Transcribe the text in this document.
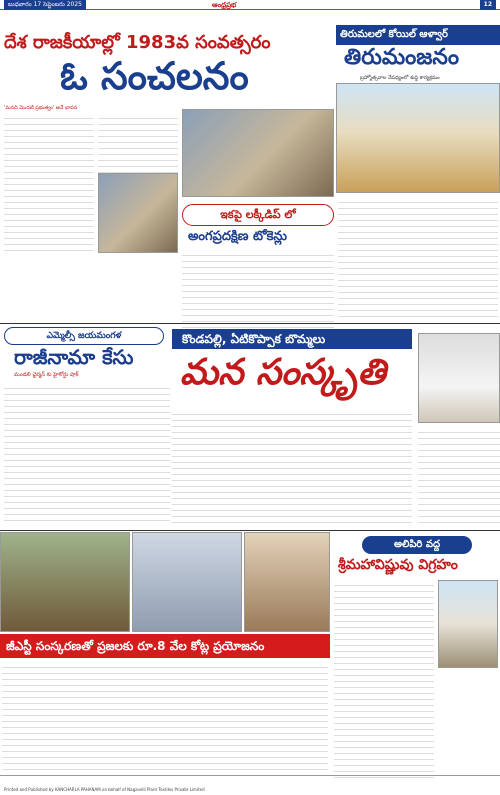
బుధవారం 17 సెప్టెంబరు 2025	ఆంధ్రప్రభ	12
దేశ రాజకీయాల్లో 1983వ సంవత్సరం
ఓ సంచలనం
'మనది మొదటి ప్రభుత్వం' అనే భావన
తిరుమలలో కోయిల్ ఆళ్వార్
తిరుమంజనం
బ్రహ్మోత్సవాల నేపథ్యంలో శుద్ధి కార్యక్రమం
ఇకపై లక్కీడిప్ లో
అంగప్రదక్షిణ టోకెన్లు
ఎమ్మెల్సీ జయమంగళ
రాజీనామా కేసు
మండలి ఛైర్మన్ కు హైకోర్టు షాక్
కొండపల్లి, ఏటికొప్పాక బొమ్మలు
మన సంస్కృతి
అలిపిరి వద్ద
శ్రీమహావిష్ణువు విగ్రహం
జీఎస్టీ సంస్కరణతో ప్రజలకు రూ.8 వేల కోట్ల ప్రయోజనం
Printed and Published by KANCHARLA PAHANAM on behalf of Nagavelli Plant Textiles Private Limited
